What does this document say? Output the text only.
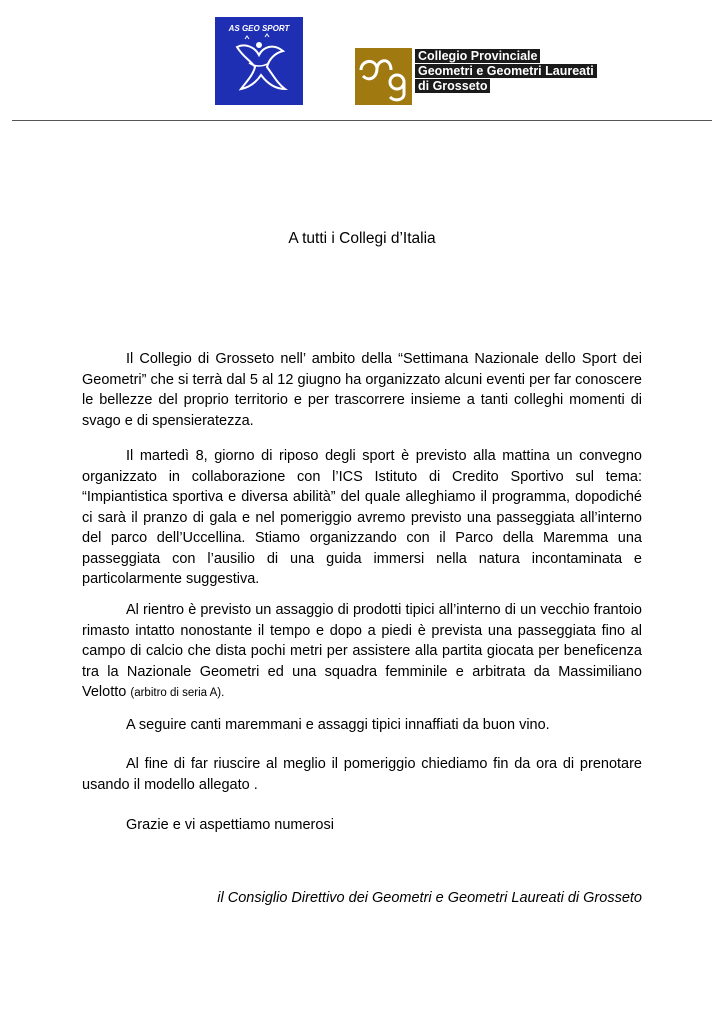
AS GEO SPORT
Collegio Provinciale
Geometri e Geometri Laureati
di Grosseto
A tutti i Collegi d’Italia

Il Collegio di Grosseto nell’ ambito della “Settimana Nazionale dello Sport dei Geometri” che si terrà dal 5 al 12 giugno ha organizzato alcuni eventi per far conoscere le bellezze del proprio territorio e per trascorrere insieme a tanti colleghi momenti di svago e di spensieratezza.

Il martedì 8, giorno di riposo degli sport è previsto alla mattina un convegno organizzato in collaborazione con l’ICS Istituto di Credito Sportivo sul tema: “Impiantistica sportiva e diversa abilità” del quale alleghiamo il programma, dopodiché ci sarà il pranzo di gala e nel pomeriggio avremo previsto una passeggiata all’interno del parco dell’Uccellina. Stiamo organizzando con il Parco della Maremma una passeggiata con l’ausilio di una guida immersi nella natura incontaminata e particolarmente suggestiva.

Al rientro è previsto un assaggio di prodotti tipici all’interno di un vecchio frantoio rimasto intatto nonostante il tempo e dopo a piedi è prevista una passeggiata fino al campo di calcio che dista pochi metri per assistere alla partita giocata per beneficenza tra la Nazionale Geometri ed una squadra femminile e arbitrata da Massimiliano Velotto (arbitro di seria A).

A seguire canti maremmani e assaggi tipici innaffiati da buon vino.

Al fine di far riuscire al meglio il pomeriggio chiediamo fin da ora di prenotare usando il modello allegato .

Grazie e vi aspettiamo numerosi

il Consiglio Direttivo dei Geometri e Geometri Laureati di Grosseto
